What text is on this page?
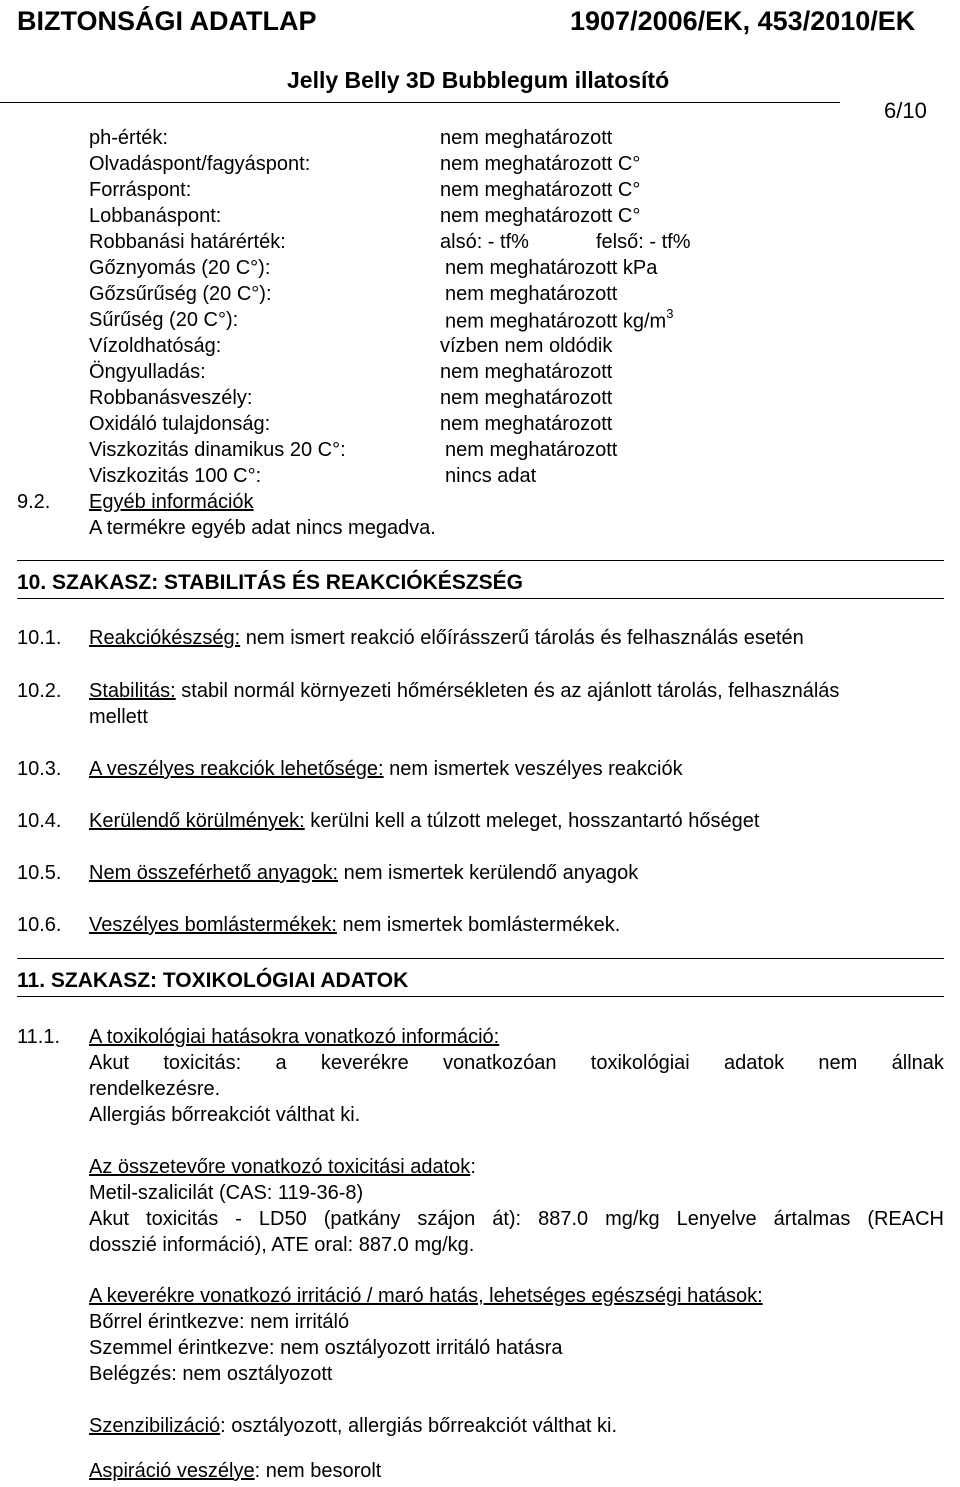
BIZTONSÁGI ADATLAP	1907/2006/EK, 453/2010/EK
Jelly Belly 3D Bubblegum illatosító
6/10
ph-érték:	nem meghatározott
Olvadáspont/fagyáspont:	nem meghatározott C°
Forráspont:	nem meghatározott C°
Lobbanáspont:	nem meghatározott C°
Robbanási határérték:	alsó: - tf%	felső: - tf%
Gőznyomás (20 C°):	nem meghatározott kPa
Gőzsűrűség (20 C°):	nem meghatározott
Sűrűség (20 C°):	nem meghatározott $kg/m^3$
Vízoldhatóság:	vízben nem oldódik
Öngyulladás:	nem meghatározott
Robbanásveszély:	nem meghatározott
Oxidáló tulajdonság:	nem meghatározott
Viszkozitás dinamikus 20 C°:	nem meghatározott
Viszkozitás 100 C°:	nincs adat
9.2. Egyéb információk
A termékre egyéb adat nincs megadva.
10. SZAKASZ: STABILITÁS ÉS REAKCIÓKÉSZSÉG
10.1. Reakciókészség: nem ismert reakció előírásszerű tárolás és felhasználás esetén
10.2. Stabilitás: stabil normál környezeti hőmérsékleten és az ajánlott tárolás, felhasználás
mellett
10.3. A veszélyes reakciók lehetősége: nem ismertek veszélyes reakciók
10.4. Kerülendő körülmények: kerülni kell a túlzott meleget, hosszantartó hőséget
10.5. Nem összeférhető anyagok: nem ismertek kerülendő anyagok
10.6. Veszélyes bomlástermékek: nem ismertek bomlástermékek.
11. SZAKASZ: TOXIKOLÓGIAI ADATOK
11.1. A toxikológiai hatásokra vonatkozó információ:
Akut toxicitás: a keverékre vonatkozóan toxikológiai adatok nem állnak
rendelkezésre.
Allergiás bőrreakciót válthat ki.
Az összetevőre vonatkozó toxicitási adatok:
Metil-szalicilát (CAS: 119-36-8)
Akut toxicitás - LD50 (patkány szájon át): 887.0 mg/kg Lenyelve ártalmas (REACH
dosszié információ), ATE oral: 887.0 mg/kg.
A keverékre vonatkozó irritáció / maró hatás, lehetséges egészségi hatások:
Bőrrel érintkezve: nem irritáló
Szemmel érintkezve: nem osztályozott irritáló hatásra
Belégzés: nem osztályozott
Szenzibilizáció: osztályozott, allergiás bőrreakciót válthat ki.
Aspiráció veszélye: nem besorolt
